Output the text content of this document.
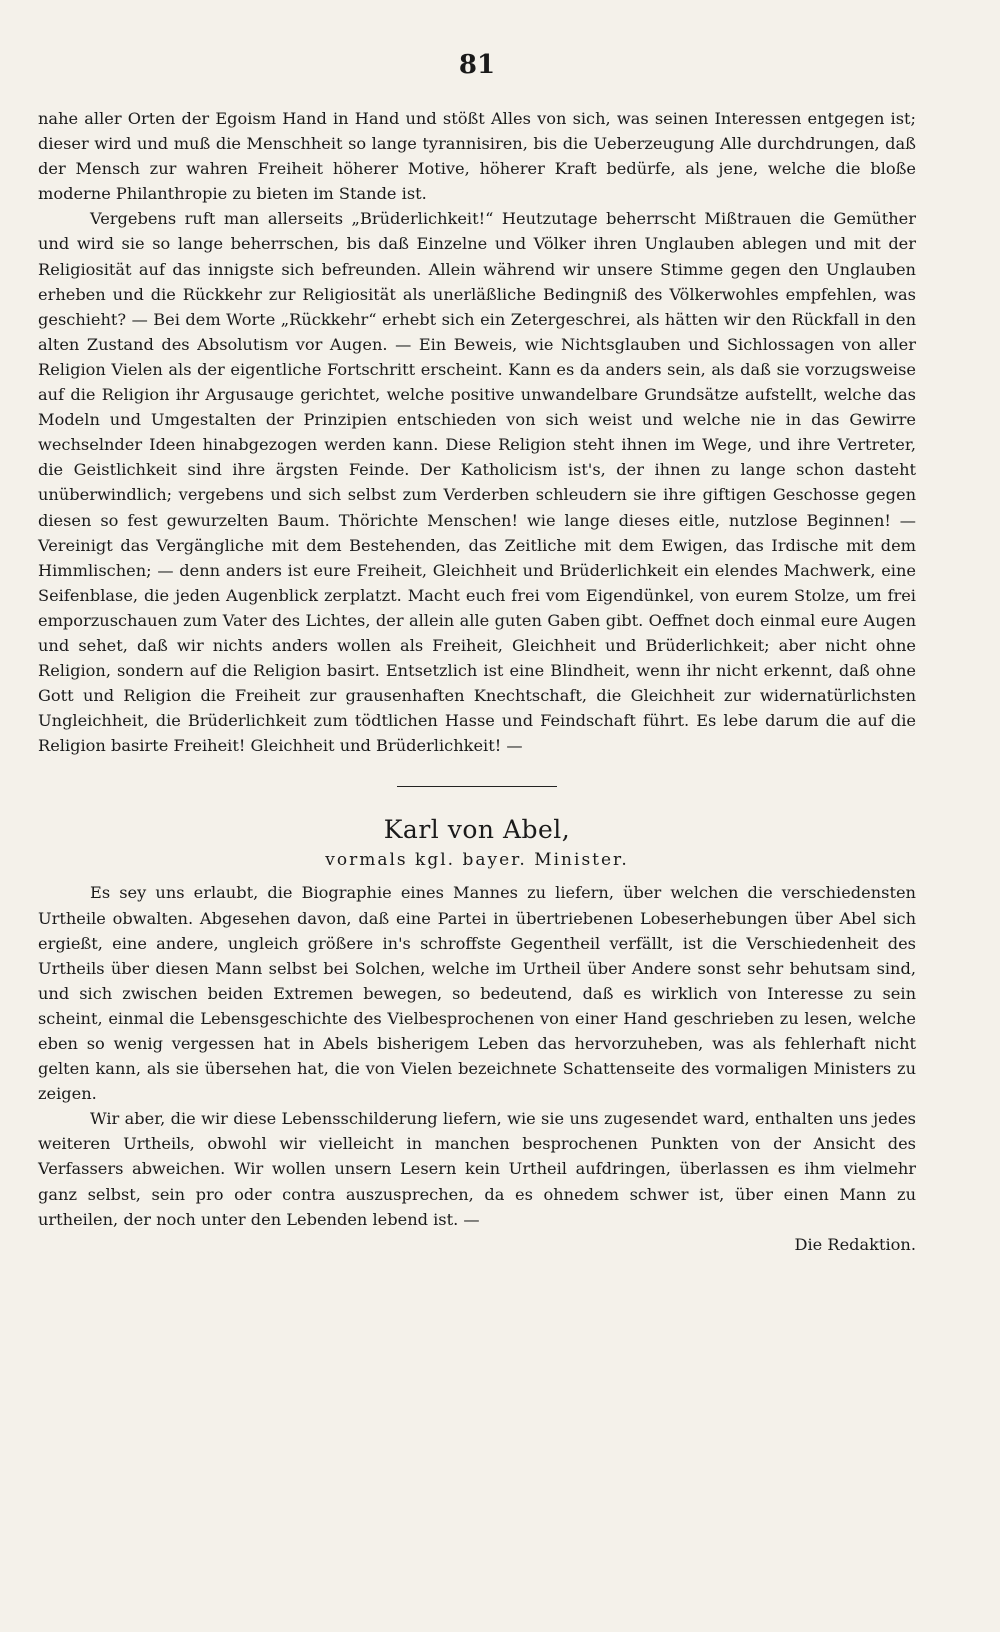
81

nahe aller Orten der Egoism Hand in Hand und stößt Alles von sich, was seinen Interessen entgegen ist; dieser wird und muß die Menschheit so lange tyrannisiren, bis die Ueberzeugung Alle durchdrungen, daß der Mensch zur wahren Freiheit höherer Motive, höherer Kraft bedürfe, als jene, welche die bloße moderne Philanthropie zu bieten im Stande ist.

Vergebens ruft man allerseits „Brüderlichkeit!“ Heutzutage beherrscht Mißtrauen die Gemüther und wird sie so lange beherrschen, bis daß Einzelne und Völker ihren Unglauben ablegen und mit der Religiosität auf das innigste sich befreunden. Allein während wir unsere Stimme gegen den Unglauben erheben und die Rückkehr zur Religiosität als unerläßliche Bedingniß des Völkerwohles empfehlen, was geschieht? — Bei dem Worte „Rückkehr“ erhebt sich ein Zetergeschrei, als hätten wir den Rückfall in den alten Zustand des Absolutism vor Augen. — Ein Beweis, wie Nichtsglauben und Sichlossagen von aller Religion Vielen als der eigentliche Fortschritt erscheint. Kann es da anders sein, als daß sie vorzugsweise auf die Religion ihr Argusauge gerichtet, welche positive unwandelbare Grundsätze aufstellt, welche das Modeln und Umgestalten der Prinzipien entschieden von sich weist und welche nie in das Gewirre wechselnder Ideen hinabgezogen werden kann. Diese Religion steht ihnen im Wege, und ihre Vertreter, die Geistlichkeit sind ihre ärgsten Feinde. Der Katholicism ist's, der ihnen zu lange schon dasteht unüberwindlich; vergebens und sich selbst zum Verderben schleudern sie ihre giftigen Geschosse gegen diesen so fest gewurzelten Baum. Thörichte Menschen! wie lange dieses eitle, nutzlose Beginnen! — Vereinigt das Vergängliche mit dem Bestehenden, das Zeitliche mit dem Ewigen, das Irdische mit dem Himmlischen; — denn anders ist eure Freiheit, Gleichheit und Brüderlichkeit ein elendes Machwerk, eine Seifenblase, die jeden Augenblick zerplatzt. Macht euch frei vom Eigendünkel, von eurem Stolze, um frei emporzuschauen zum Vater des Lichtes, der allein alle guten Gaben gibt. Oeffnet doch einmal eure Augen und sehet, daß wir nichts anders wollen als Freiheit, Gleichheit und Brüderlichkeit; aber nicht ohne Religion, sondern auf die Religion basirt. Entsetzlich ist eine Blindheit, wenn ihr nicht erkennt, daß ohne Gott und Religion die Freiheit zur grausenhaften Knechtschaft, die Gleichheit zur widernatürlichsten Ungleichheit, die Brüderlichkeit zum tödtlichen Hasse und Feindschaft führt. Es lebe darum die auf die Religion basirte Freiheit! Gleichheit und Brüderlichkeit! —

Karl von Abel,
vormals kgl. bayer. Minister.

Es sey uns erlaubt, die Biographie eines Mannes zu liefern, über welchen die verschiedensten Urtheile obwalten. Abgesehen davon, daß eine Partei in übertriebenen Lobeserhebungen über Abel sich ergießt, eine andere, ungleich größere in's schroffste Gegentheil verfällt, ist die Verschiedenheit des Urtheils über diesen Mann selbst bei Solchen, welche im Urtheil über Andere sonst sehr behutsam sind, und sich zwischen beiden Extremen bewegen, so bedeutend, daß es wirklich von Interesse zu sein scheint, einmal die Lebensgeschichte des Vielbesprochenen von einer Hand geschrieben zu lesen, welche eben so wenig vergessen hat in Abels bisherigem Leben das hervorzuheben, was als fehlerhaft nicht gelten kann, als sie übersehen hat, die von Vielen bezeichnete Schattenseite des vormaligen Ministers zu zeigen.

Wir aber, die wir diese Lebensschilderung liefern, wie sie uns zugesendet ward, enthalten uns jedes weiteren Urtheils, obwohl wir vielleicht in manchen besprochenen Punkten von der Ansicht des Verfassers abweichen. Wir wollen unsern Lesern kein Urtheil aufdringen, überlassen es ihm vielmehr ganz selbst, sein pro oder contra auszusprechen, da es ohnedem schwer ist, über einen Mann zu urtheilen, der noch unter den Lebenden lebend ist. —

Die Redaktion.
